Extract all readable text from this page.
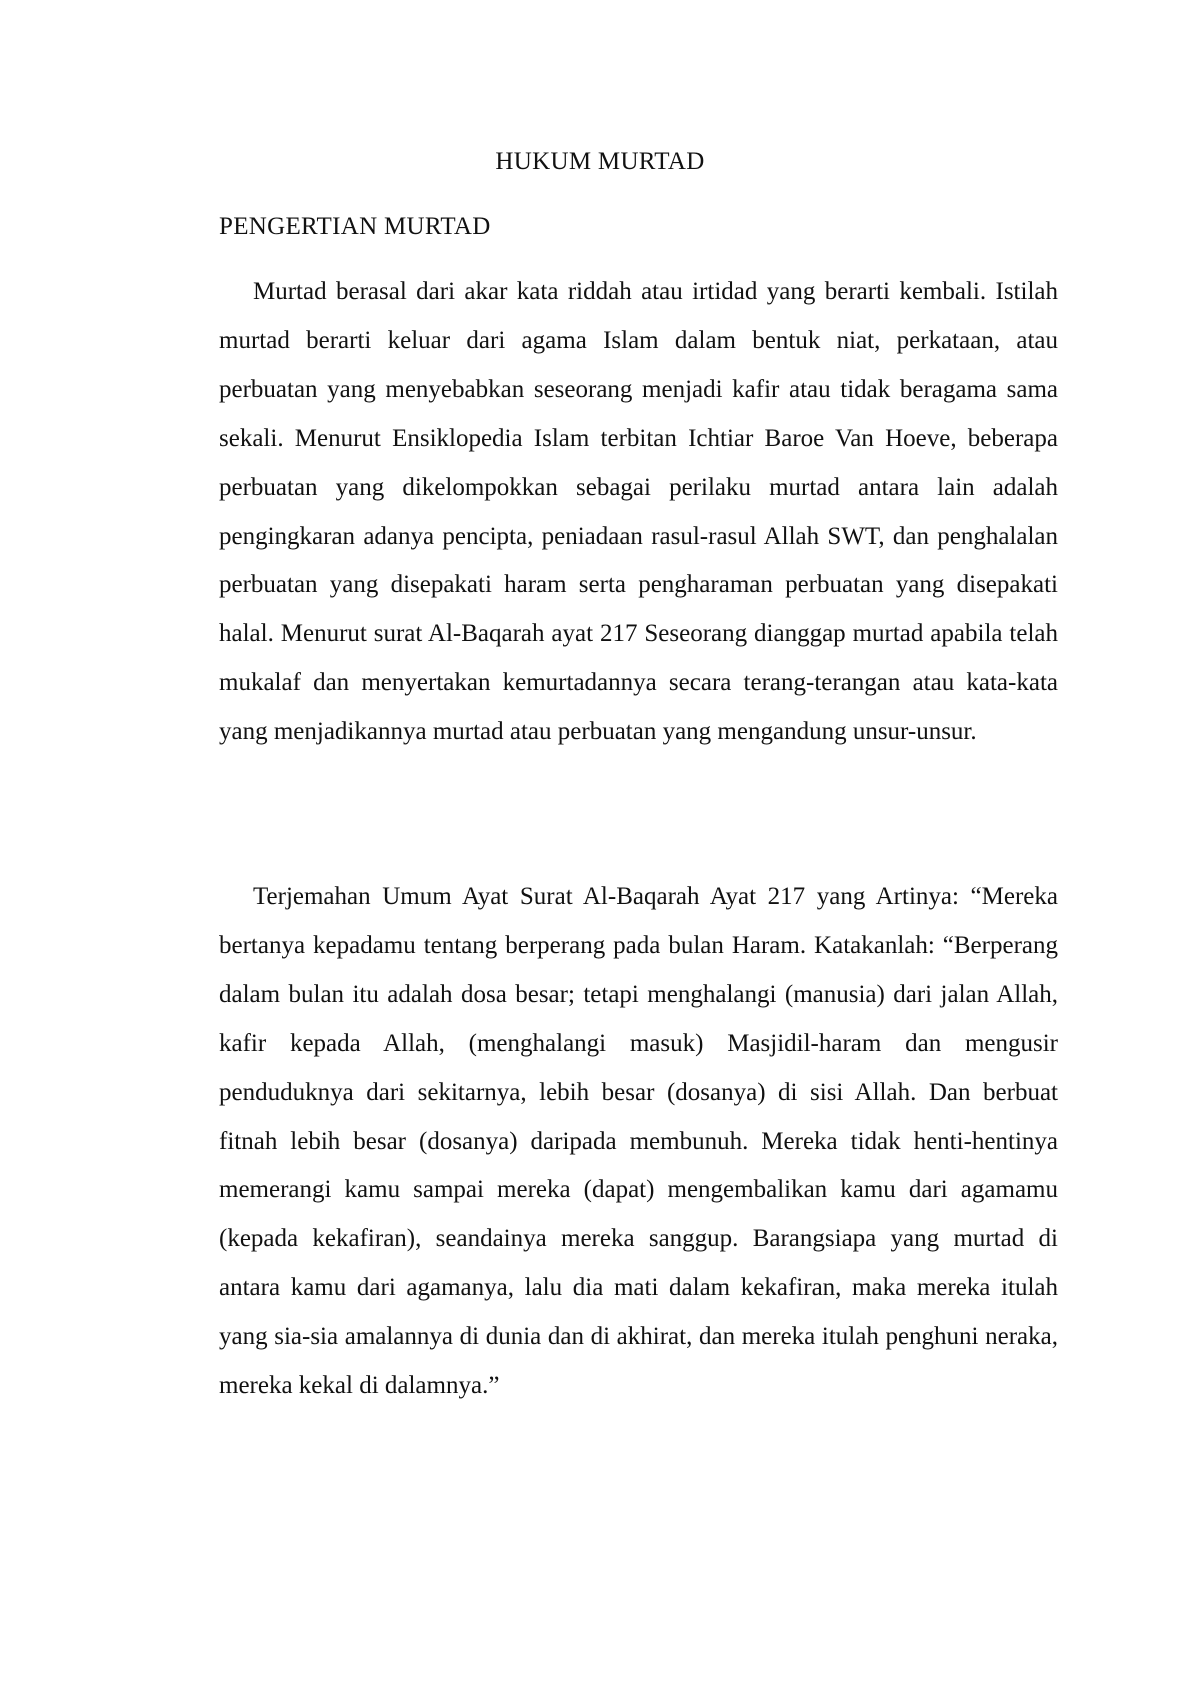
HUKUM MURTAD
PENGERTIAN MURTAD

Murtad berasal dari akar kata riddah atau irtidad yang berarti kembali. Istilah murtad berarti keluar dari agama Islam dalam bentuk niat, perkataan, atau perbuatan yang menyebabkan seseorang menjadi kafir atau tidak beragama sama sekali. Menurut Ensiklopedia Islam terbitan Ichtiar Baroe Van Hoeve, beberapa perbuatan yang dikelompokkan sebagai perilaku murtad antara lain adalah pengingkaran adanya pencipta, peniadaan rasul-rasul Allah SWT, dan penghalalan perbuatan yang disepakati haram serta pengharaman perbuatan yang disepakati halal. Menurut surat Al-Baqarah ayat 217 Seseorang dianggap murtad apabila telah mukalaf dan menyertakan kemurtadannya secara terang-terangan atau kata-kata yang menjadikannya murtad atau perbuatan yang mengandung unsur-unsur.

Terjemahan Umum Ayat Surat Al-Baqarah Ayat 217 yang Artinya: “Mereka bertanya kepadamu tentang berperang pada bulan Haram. Katakanlah: “Berperang dalam bulan itu adalah dosa besar; tetapi menghalangi (manusia) dari jalan Allah, kafir kepada Allah, (menghalangi masuk) Masjidil-haram dan mengusir penduduknya dari sekitarnya, lebih besar (dosanya) di sisi Allah. Dan berbuat fitnah lebih besar (dosanya) daripada membunuh. Mereka tidak henti-hentinya memerangi kamu sampai mereka (dapat) mengembalikan kamu dari agamamu (kepada kekafiran), seandainya mereka sanggup. Barangsiapa yang murtad di antara kamu dari agamanya, lalu dia mati dalam kekafiran, maka mereka itulah yang sia-sia amalannya di dunia dan di akhirat, dan mereka itulah penghuni neraka, mereka kekal di dalamnya.”
